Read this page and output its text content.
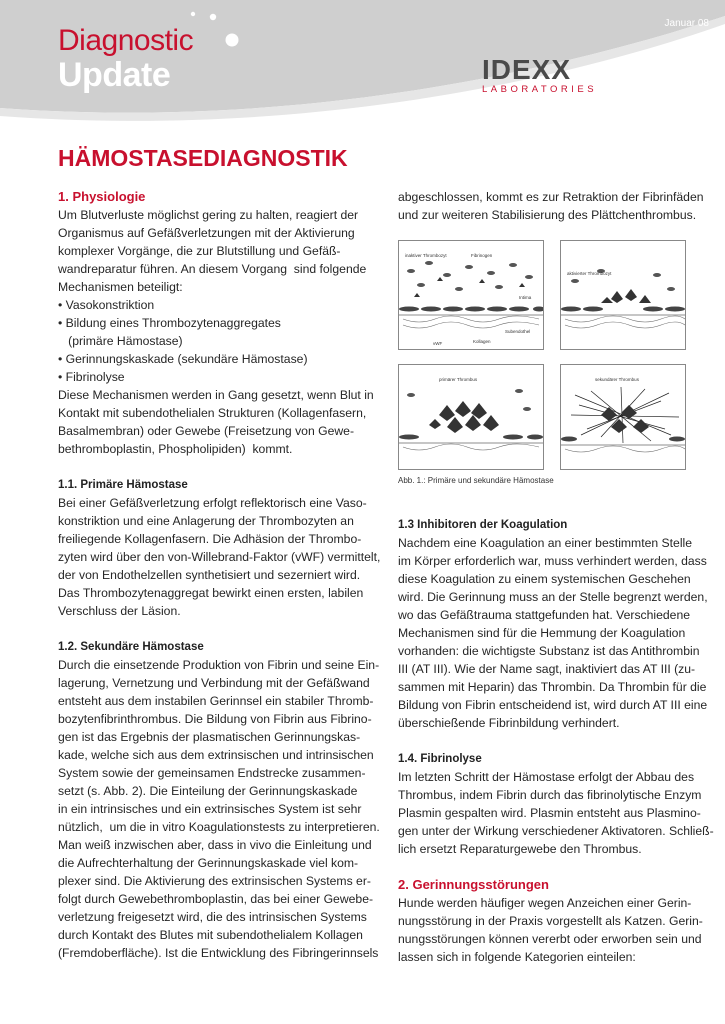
Januar 08
Diagnostic
Update	IDEXX
LABORATORIES
HÄMOSTASEDIAGNOSTIK
1. Physiologie

Um Blutverluste möglichst gering zu halten, reagiert der

Organismus auf Gefäßverletzungen mit der Aktivierung

komplexer Vorgänge, die zur Blutstillung und Gefäß-

wandreparatur führen. An diesem Vorgang  sind folgende

Mechanismen beteiligt:

• Vasokonstriktion

• Bildung eines Thrombozytenaggregates

(primäre Hämostase)

• Gerinnungskaskade (sekundäre Hämostase)

• Fibrinolyse

Diese Mechanismen werden in Gang gesetzt, wenn Blut in

Kontakt mit subendothelialen Strukturen (Kollagenfasern,

Basalmembran) oder Gewebe (Freisetzung von Gewe-

bethromboplastin, Phospholipiden)  kommt.

1.1. Primäre Hämostase

Bei einer Gefäßverletzung erfolgt reflektorisch eine Vaso-

konstriktion und eine Anlagerung der Thrombozyten an

freiliegende Kollagenfasern. Die Adhäsion der Thrombo-

zyten wird über den von-Willebrand-Faktor (vWF) vermittelt,

der von Endothelzellen synthetisiert und sezerniert wird.

Das Thrombozytenaggregat bewirkt einen ersten, labilen

Verschluss der Läsion.

1.2. Sekundäre Hämostase

Durch die einsetzende Produktion von Fibrin und seine Ein-

lagerung, Vernetzung und Verbindung mit der Gefäßwand

entsteht aus dem instabilen Gerinnsel ein stabiler Thromb-

bozytenfibrinthrombus. Die Bildung von Fibrin aus Fibrino-

gen ist das Ergebnis der plasmatischen Gerinnungskas-

kade, welche sich aus dem extrinsischen und intrinsischen

System sowie der gemeinsamen Endstrecke zusammen-

setzt (s. Abb. 2). Die Einteilung der Gerinnungskaskade

in ein intrinsisches und ein extrinsisches System ist sehr

nützlich,  um die in vitro Koagulationstests zu interpretieren.

Man weiß inzwischen aber, dass in vivo die Einleitung und

die Aufrechterhaltung der Gerinnungskaskade viel kom-

plexer sind. Die Aktivierung des extrinsischen Systems er-

folgt durch Gewebethromboplastin, das bei einer Gewebe-

verletzung freigesetzt wird, die des intrinsischen Systems

durch Kontakt des Blutes mit subendothelialem Kollagen

(Fremdoberfläche). Ist die Entwicklung des Fibringerinnsels

abgeschlossen, kommt es zur Retraktion der Fibrinfäden

und zur weiteren Stabilisierung des Plättchenthrombus.

inaktiver Thrombozyt	Fibrinogen
Intima
Subendothel
vWF	Kollagen
aktivierter Thrombozyt
primärer Thrombus	sekundärer Thrombus
Abb. 1.: Primäre und sekundäre Hämostase
1.3 Inhibitoren der Koagulation

Nachdem eine Koagulation an einer bestimmten Stelle

im Körper erforderlich war, muss verhindert werden, dass

diese Koagulation zu einem systemischen Geschehen

wird. Die Gerinnung muss an der Stelle begrenzt werden,

wo das Gefäßtrauma stattgefunden hat. Verschiedene

Mechanismen sind für die Hemmung der Koagulation

vorhanden: die wichtigste Substanz ist das Antithrombin

III (AT III). Wie der Name sagt, inaktiviert das AT III (zu-

sammen mit Heparin) das Thrombin. Da Thrombin für die

Bildung von Fibrin entscheidend ist, wird durch AT III eine

überschießende Fibrinbildung verhindert.

1.4. Fibrinolyse

Im letzten Schritt der Hämostase erfolgt der Abbau des

Thrombus, indem Fibrin durch das fibrinolytische Enzym

Plasmin gespalten wird. Plasmin entsteht aus Plasmino-

gen unter der Wirkung verschiedener Aktivatoren. Schließ-

lich ersetzt Reparaturgewebe den Thrombus.

2. Gerinnungsstörungen

Hunde werden häufiger wegen Anzeichen einer Gerin-

nungsstörung in der Praxis vorgestellt als Katzen. Gerin-

nungsstörungen können vererbt oder erworben sein und

lassen sich in folgende Kategorien einteilen:
